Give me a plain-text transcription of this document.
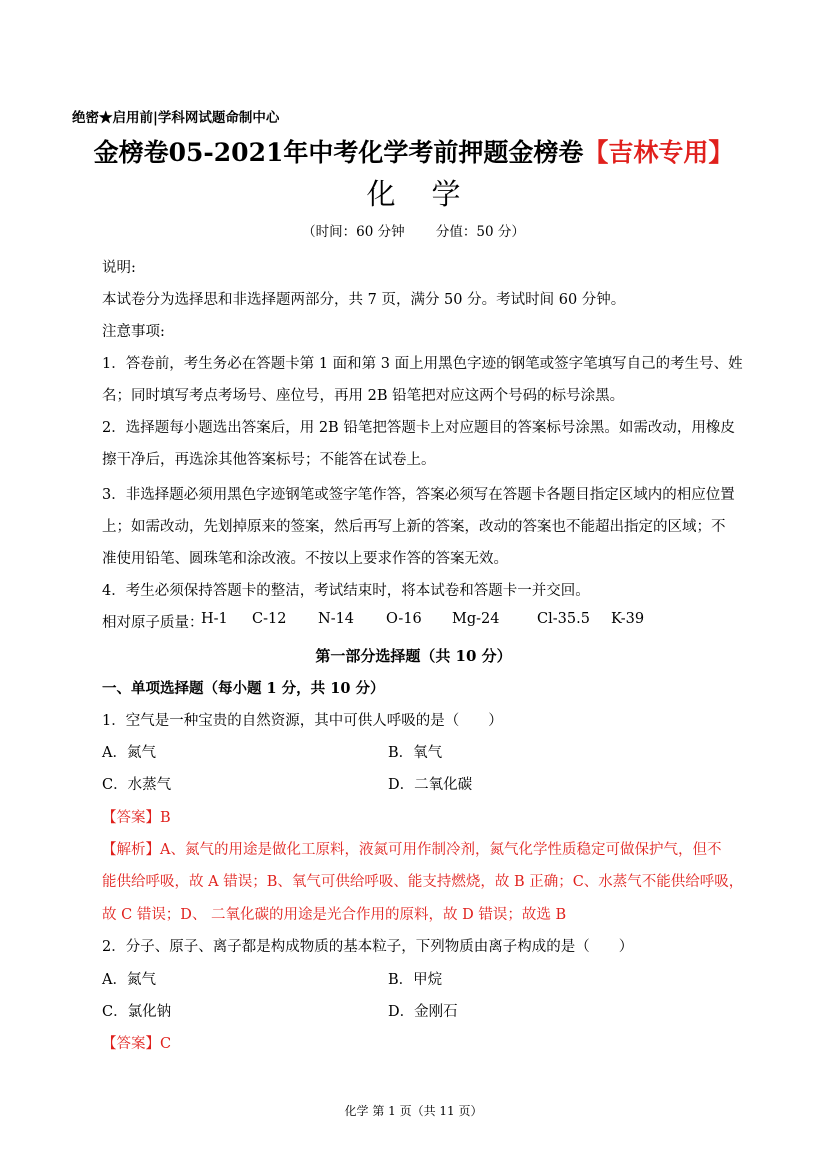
绝密★启用前|学科网试题命制中心
金榜卷05-2021年中考化学考前押题金榜卷【吉林专用】
化学
（时间：60 分钟　　 分值：50 分）
说明:
本试卷分为选择思和非选择题两部分，共 7 页，满分 50 分。考试时间 60 分钟。
注意事项:
1．答卷前，考生务必在答题卡第 1 面和第 3 面上用黑色字迹的钢笔或签字笔填写自己的考生号、姓
名；同时填写考点考场号、座位号，再用 2B 铅笔把对应这两个号码的标号涂黑。
2．选择题每小题选出答案后，用 2B 铅笔把答题卡上对应题目的答案标号涂黑。如需改动，用橡皮
擦干净后，再选涂其他答案标号；不能答在试卷上。
3．非选择题必须用黑色字迹钢笔或签字笔作答，答案必须写在答题卡各题目指定区域内的相应位置
上；如需改动，先划掉原来的签案，然后再写上新的答案，改动的答案也不能超出指定的区域；不
准使用铅笔、圆珠笔和涂改液。不按以上要求作答的答案无效。
4．考生必须保持答题卡的整洁，考试结束时，将本试卷和答题卡一并交回。
相对原子质量：
H-1 C-12 N-14 O-16 Mg-24	Cl-35.5 K-39
第一部分选择题（共 10 分）
一、单项选择题（每小题 1 分，共 10 分）
1．空气是一种宝贵的自然资源，其中可供人呼吸的是（　　）
A．氮气	B．氧气
C．水蒸气	D．二氧化碳
【答案】B
【解析】A、氮气的用途是做化工原料，液氮可用作制冷剂，氮气化学性质稳定可做保护气，但不
能供给呼吸，故 A 错误；B、氧气可供给呼吸、能支持燃烧，故 B 正确；C、水蒸气不能供给呼吸，
故 C 错误；D、 二氧化碳的用途是光合作用的原料，故 D 错误；故选 B
2．分子、原子、离子都是构成物质的基本粒子，下列物质由离子构成的是（　　）
A．氮气	B．甲烷
C．氯化钠	D．金刚石
【答案】C
化学 第 1 页（共 11 页）
